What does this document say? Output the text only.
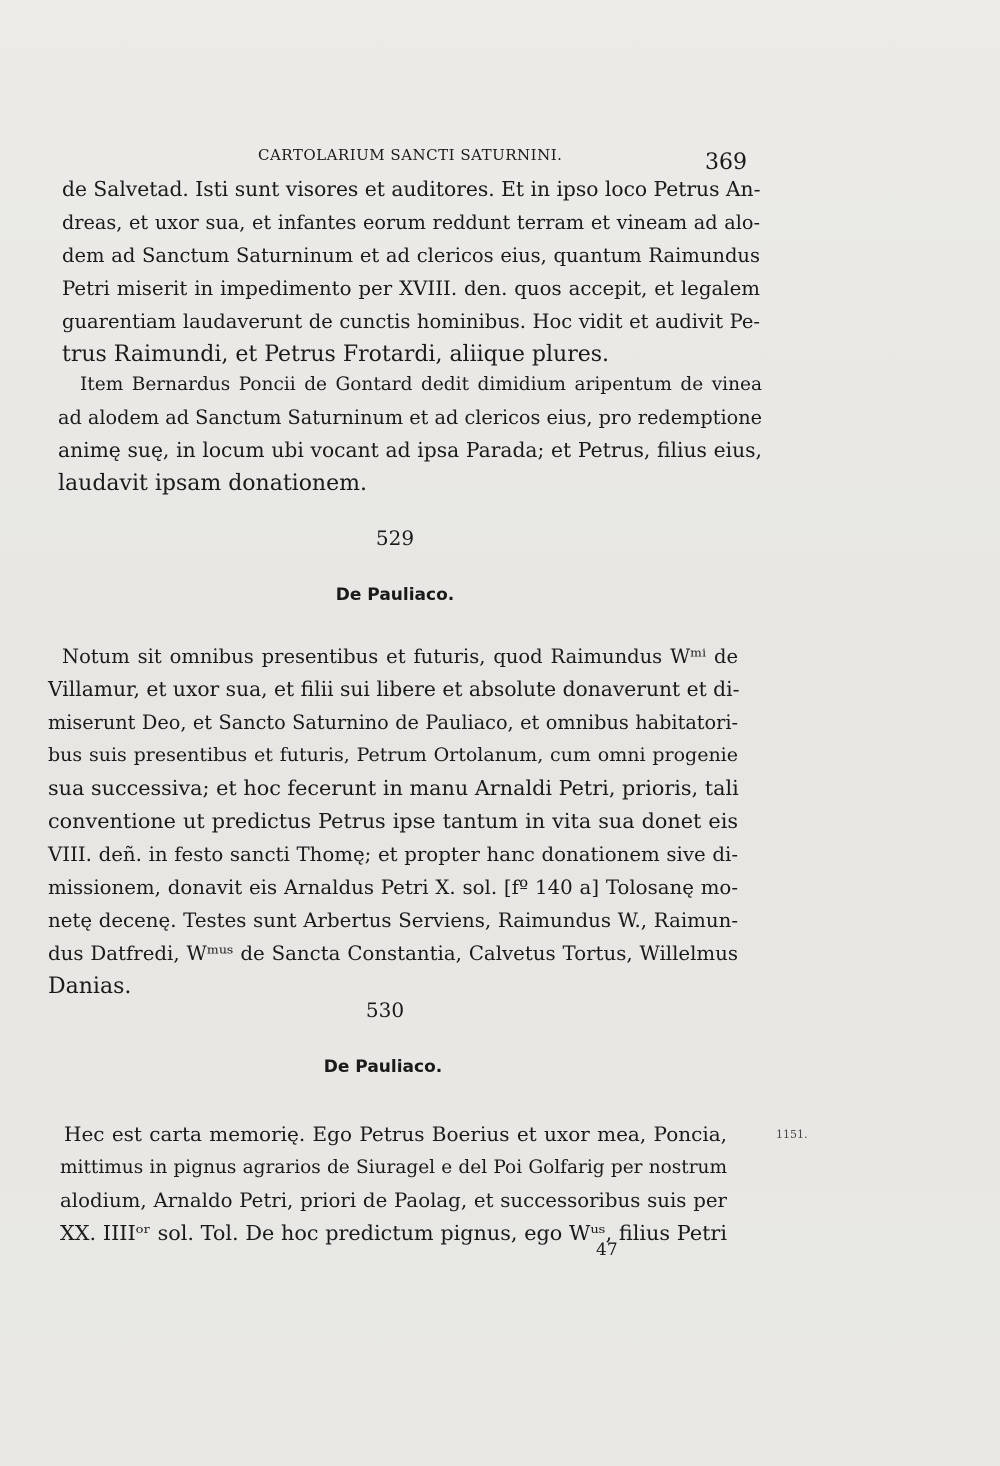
CARTOLARIUM SANCTI SATURNINI.	369
de Salvetad. Isti sunt visores et auditores. Et in ipso loco Petrus An-
dreas, et uxor sua, et infantes eorum reddunt terram et vineam ad alo-
dem ad Sanctum Saturninum et ad clericos eius, quantum Raimundus
Petri miserit in impedimento per XVIII. den. quos accepit, et legalem
guarentiam laudaverunt de cunctis hominibus. Hoc vidit et audivit Pe-
trus Raimundi, et Petrus Frotardi, aliique plures.
Item Bernardus Poncii de Gontard dedit dimidium aripentum de vinea
ad alodem ad Sanctum Saturninum et ad clericos eius, pro redemptione
animę suę, in locum ubi vocant ad ipsa Parada; et Petrus, filius eius,
laudavit ipsam donationem.
529
De Pauliaco.
Notum sit omnibus presentibus et futuris, quod Raimundus Wᵐⁱ de
Villamur, et uxor sua, et filii sui libere et absolute donaverunt et di-
miserunt Deo, et Sancto Saturnino de Pauliaco, et omnibus habitatori-
bus suis presentibus et futuris, Petrum Ortolanum, cum omni progenie
sua successiva; et hoc fecerunt in manu Arnaldi Petri, prioris, tali
conventione ut predictus Petrus ipse tantum in vita sua donet eis
VIII. deñ. in festo sancti Thomę; et propter hanc donationem sive di-
missionem, donavit eis Arnaldus Petri X. sol. [fº 140 a] Tolosanę mo-
netę decenę. Testes sunt Arbertus Serviens, Raimundus W., Raimun-
dus Datfredi, Wᵐᵘˢ de Sancta Constantia, Calvetus Tortus, Willelmus
Danias.
530
De Pauliaco.
Hec est carta memorię. Ego Petrus Boerius et uxor mea, Poncia,
mittimus in pignus agrarios de Siuragel e del Poi Golfarig per nostrum
alodium, Arnaldo Petri, priori de Paolag, et successoribus suis per
XX. IIIIᵒʳ sol. Tol. De hoc predictum pignus, ego Wᵘˢ, filius Petri
1151.
47
